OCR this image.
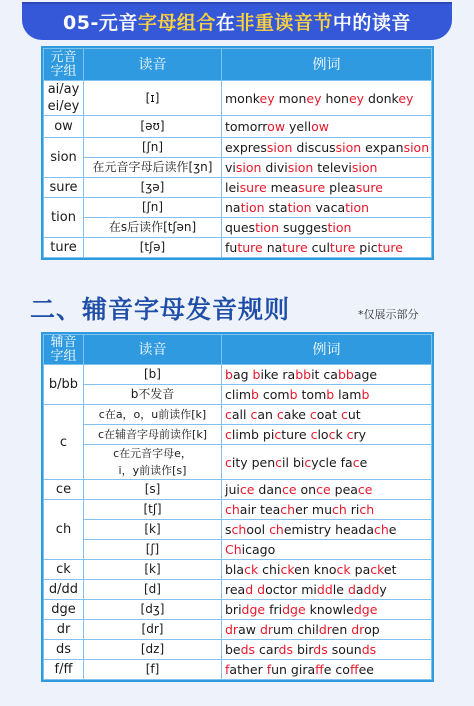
05-元音 字母组合 在 非重读音节 中的读音
元音
字组	读音	例词
ai/ay
ei/ey	[ɪ]	monkey money honey donkey
ow	[əʊ]	tomorrow yellow
sion	[ʃn]	expression discussion expansion
	在元音字母后读作[ʒn]	vision division television
sure	[ʒə]	leisure measure pleasure
tion	[ʃn]	nation station vacation
	在s后读作[tʃən]	question suggestion
ture	[tʃə]	future nature culture picture
二、辅音字母发音规则	*仅展示部分
辅音
字组	读音	例词
b/bb	[b]	bag bike rabbit cabbage
	b不发音	climb comb tomb lamb
c	c在a，o，u前读作[k]	call can cake coat cut
	c在辅音字母前读作[k]	climb picture clock cry
	c在元音字母e，
i，y前读作[s]	city pencil bicycle face
ce	[s]	juice dance once peace
ch	[tʃ]	chair teacher much rich
	[k]	school chemistry headache
	[ʃ]	Chicago
ck	[k]	black chicken knock packet
d/dd	[d]	read doctor middle daddy
dge	[dʒ]	bridge fridge knowledge
dr	[dr]	draw drum children drop
ds	[dz]	beds cards birds sounds
f/ff	[f]	father fun giraffe coffee
